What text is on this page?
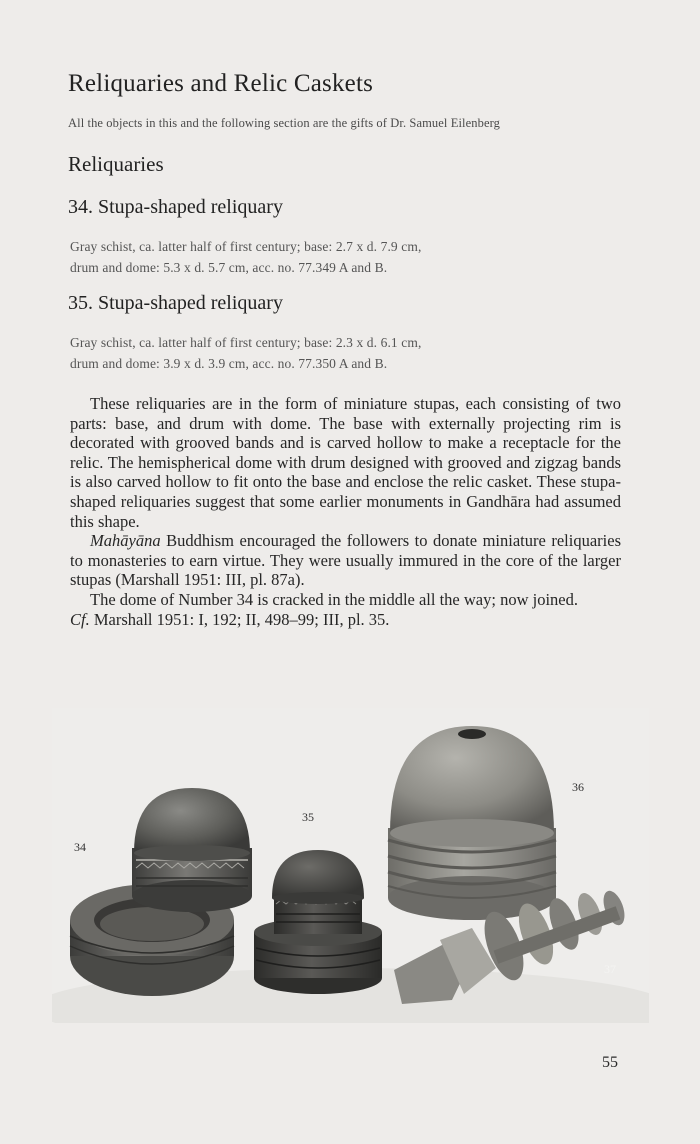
Reliquaries and Relic Caskets
All the objects in this and the following section are the gifts of Dr. Samuel Eilenberg
Reliquaries
34. Stupa-shaped reliquary
Gray schist, ca. latter half of first century; base: 2.7 x d. 7.9 cm,
drum and dome: 5.3 x d. 5.7 cm, acc. no. 77.349 A and B.
35. Stupa-shaped reliquary
Gray schist, ca. latter half of first century; base: 2.3 x d. 6.1 cm,
drum and dome: 3.9 x d. 3.9 cm, acc. no. 77.350 A and B.

These reliquaries are in the form of miniature stupas, each consisting of two parts: base, and drum with dome. The base with externally projecting rim is decorated with grooved bands and is carved hollow to make a receptacle for the relic. The hemispherical dome with drum designed with grooved and zigzag bands is also carved hollow to fit onto the base and enclose the relic casket. These stupa-shaped reliquaries suggest that some earlier monuments in Gandhāra had assumed this shape.

Mahāyāna Buddhism encouraged the followers to donate miniature reliquaries to monasteries to earn virtue. They were usually immured in the core of the larger stupas (Marshall 1951: III, pl. 87a).

The dome of Number 34 is cracked in the middle all the way; now joined.

Cf. Marshall 1951: I, 192; II, 498–99; III, pl. 35.

34
35
36
37
55
